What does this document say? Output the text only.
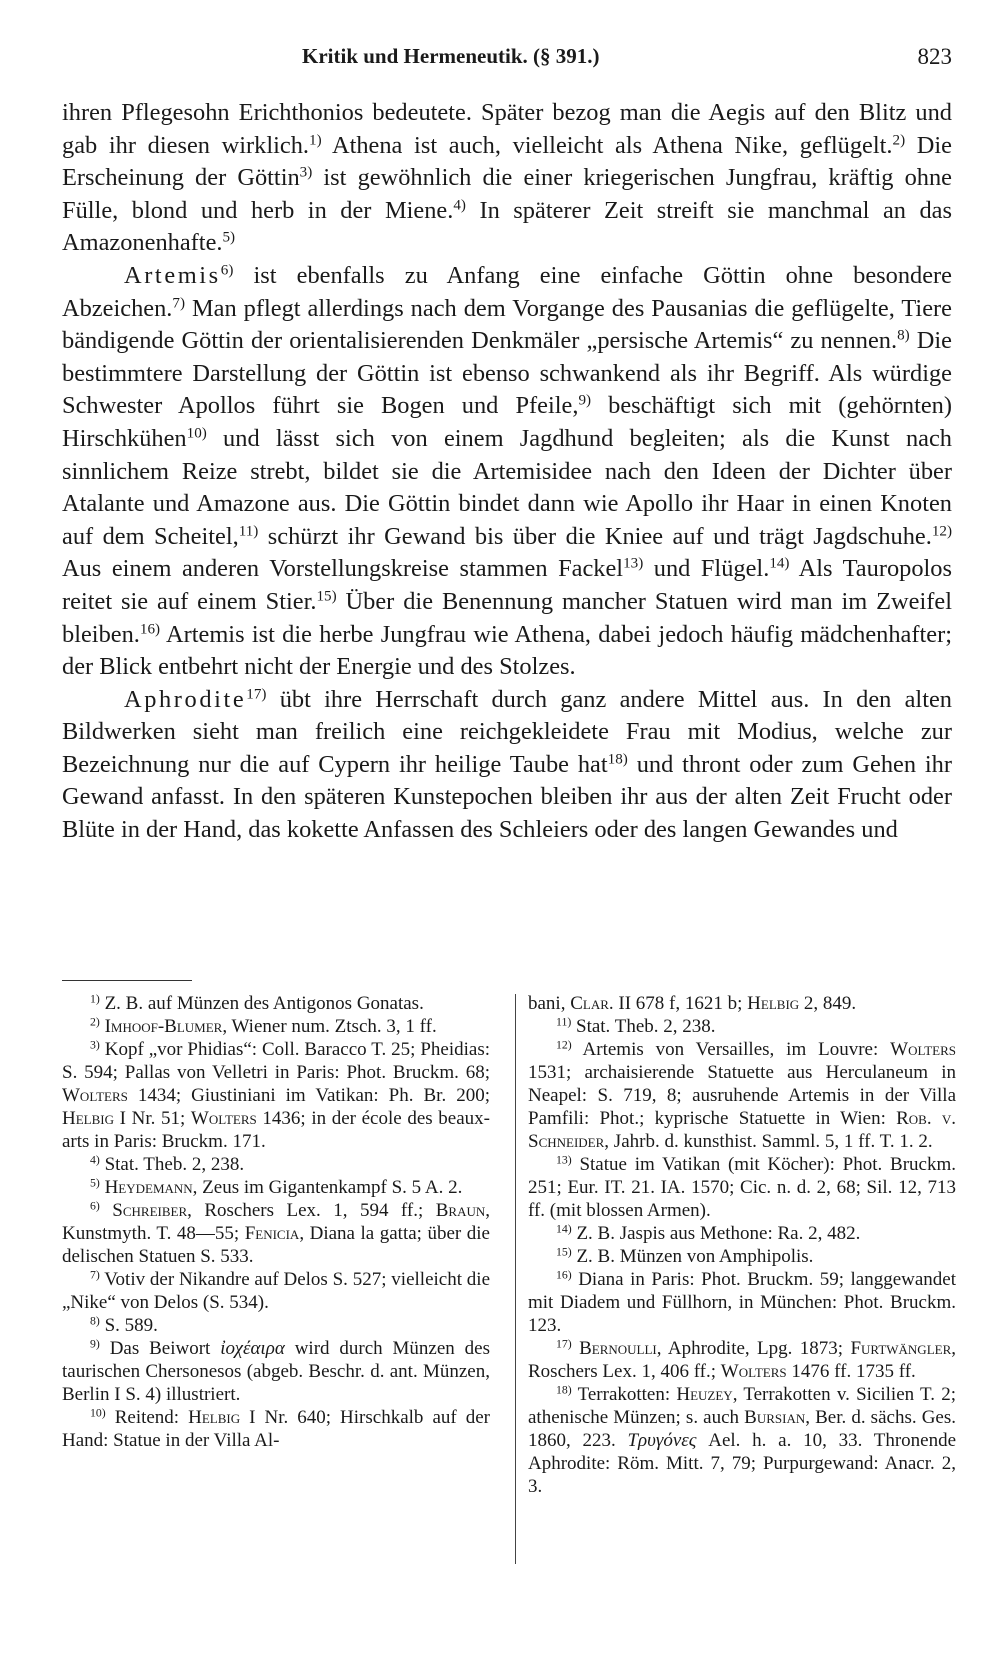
Kritik und Hermeneutik. (§ 391.)	823

ihren Pflegesohn Erichthonios bedeutete. Später bezog man die Aegis auf den Blitz und gab ihr diesen wirklich.$^{1)}$ Athena ist auch, vielleicht als Athena Nike, geflügelt.$^{2)}$ Die Erscheinung der Göttin$^{3)}$ ist gewöhnlich die einer kriegerischen Jungfrau, kräftig ohne Fülle, blond und herb in der Miene.$^{4)}$ In späterer Zeit streift sie manchmal an das Amazonenhafte.$^{5)}$

Artemis$^{6)}$ ist ebenfalls zu Anfang eine einfache Göttin ohne besondere Abzeichen.$^{7)}$ Man pflegt allerdings nach dem Vorgange des Pausanias die geflügelte, Tiere bändigende Göttin der orientalisierenden Denkmäler „persische Artemis“ zu nennen.$^{8)}$ Die bestimmtere Darstellung der Göttin ist ebenso schwankend als ihr Begriff. Als würdige Schwester Apollos führt sie Bogen und Pfeile,$^{9)}$ beschäftigt sich mit (gehörnten) Hirschkühen$^{10)}$ und lässt sich von einem Jagdhund begleiten; als die Kunst nach sinnlichem Reize strebt, bildet sie die Artemisidee nach den Ideen der Dichter über Atalante und Amazone aus. Die Göttin bindet dann wie Apollo ihr Haar in einen Knoten auf dem Scheitel,$^{11)}$ schürzt ihr Gewand bis über die Kniee auf und trägt Jagdschuhe.$^{12)}$ Aus einem anderen Vorstellungskreise stammen Fackel$^{13)}$ und Flügel.$^{14)}$ Als Tauropolos reitet sie auf einem Stier.$^{15)}$ Über die Benennung mancher Statuen wird man im Zweifel bleiben.$^{16)}$ Artemis ist die herbe Jungfrau wie Athena, dabei jedoch häufig mädchenhafter; der Blick entbehrt nicht der Energie und des Stolzes.

Aphrodite$^{17)}$ übt ihre Herrschaft durch ganz andere Mittel aus. In den alten Bildwerken sieht man freilich eine reichgekleidete Frau mit Modius, welche zur Bezeichnung nur die auf Cypern ihr heilige Taube hat$^{18)}$ und thront oder zum Gehen ihr Gewand anfasst. In den späteren Kunstepochen bleiben ihr aus der alten Zeit Frucht oder Blüte in der Hand, das kokette Anfassen des Schleiers oder des langen Gewandes und

$^{1)}$ Z. B. auf Münzen des Antigonos Gonatas.

$^{2)}$ Imhoof-Blumer, Wiener num. Ztsch. 3, 1 ff.

$^{3)}$ Kopf „vor Phidias“: Coll. Baracco T. 25; Pheidias: S. 594; Pallas von Velletri in Paris: Phot. Bruckm. 68; Wolters 1434; Giustiniani im Vatikan: Ph. Br. 200; Helbig I Nr. 51; Wolters 1436; in der école des beaux-arts in Paris: Bruckm. 171.

$^{4)}$ Stat. Theb. 2, 238.

$^{5)}$ Heydemann, Zeus im Gigantenkampf S. 5 A. 2.

$^{6)}$ Schreiber, Roschers Lex. 1, 594 ff.; Braun, Kunstmyth. T. 48—55; Fenicia, Diana la gatta; über die delischen Statuen S. 533.

$^{7)}$ Votiv der Nikandre auf Delos S. 527; vielleicht die „Nike“ von Delos (S. 534).

$^{8)}$ S. 589.

$^{9)}$ Das Beiwort ἰοχέαιρα wird durch Münzen des taurischen Chersonesos (abgeb. Beschr. d. ant. Münzen, Berlin I S. 4) illustriert.

$^{10)}$ Reitend: Helbig I Nr. 640; Hirschkalb auf der Hand: Statue in der Villa Al-

bani, Clar. II 678 f, 1621 b; Helbig 2, 849.

$^{11)}$ Stat. Theb. 2, 238.

$^{12)}$ Artemis von Versailles, im Louvre: Wolters 1531; archaisierende Statuette aus Herculaneum in Neapel: S. 719, 8; ausruhende Artemis in der Villa Pamfili: Phot.; kyprische Statuette in Wien: Rob. v. Schneider, Jahrb. d. kunsthist. Samml. 5, 1 ff. T. 1. 2.

$^{13)}$ Statue im Vatikan (mit Köcher): Phot. Bruckm. 251; Eur. IT. 21. IA. 1570; Cic. n. d. 2, 68; Sil. 12, 713 ff. (mit blossen Armen).

$^{14)}$ Z. B. Jaspis aus Methone: Ra. 2, 482.

$^{15)}$ Z. B. Münzen von Amphipolis.

$^{16)}$ Diana in Paris: Phot. Bruckm. 59; langgewandet mit Diadem und Füllhorn, in München: Phot. Bruckm. 123.

$^{17)}$ Bernoulli, Aphrodite, Lpg. 1873; Furtwängler, Roschers Lex. 1, 406 ff.; Wolters 1476 ff. 1735 ff.

$^{18)}$ Terrakotten: Heuzey, Terrakotten v. Sicilien T. 2; athenische Münzen; s. auch Bursian, Ber. d. sächs. Ges. 1860, 223. Τρυγόνες Ael. h. a. 10, 33. Thronende Aphrodite: Röm. Mitt. 7, 79; Purpurgewand: Anacr. 2, 3.
